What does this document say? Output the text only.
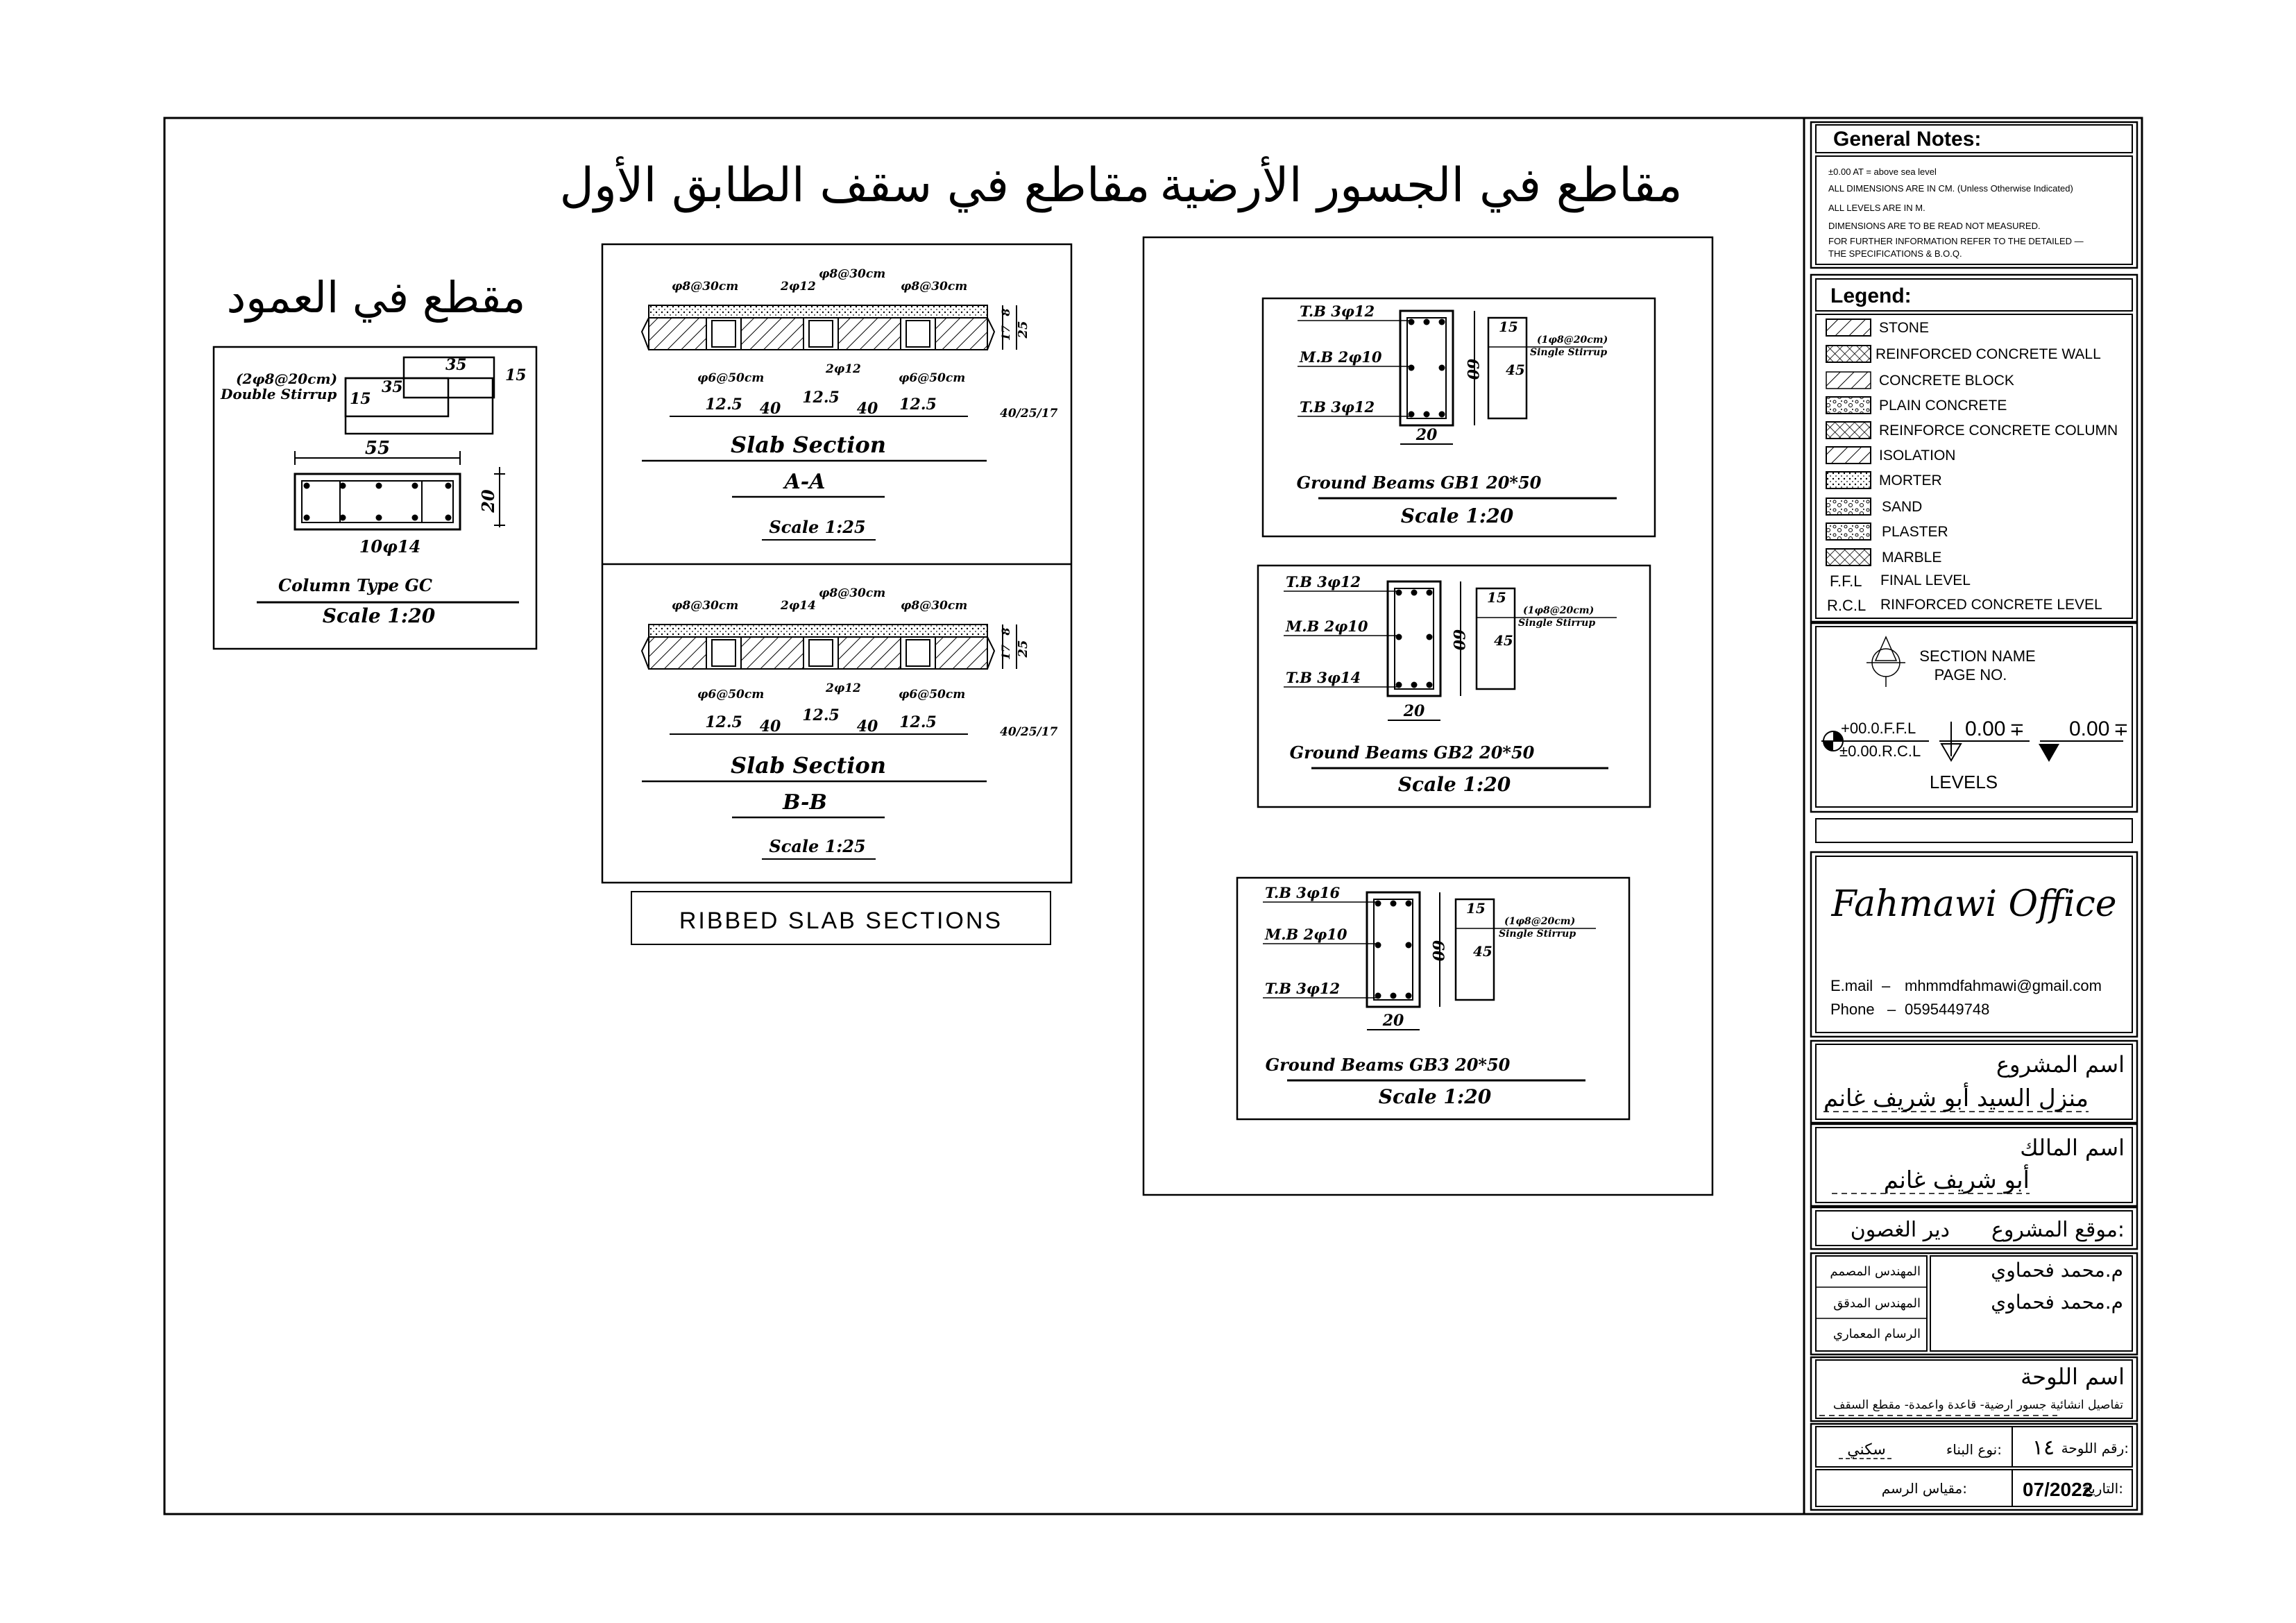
مقاطع في سقف الطابق الأول مقاطع في الجسور الأرضية
مقطع في العمود
(2φ8@20cm)
Double Stirrup
35
35
15
15
55
20
10φ14
Column Type GC
Scale 1:20
φ8@30cm
φ8@30cm
φ8@30cm
2φ12
2φ12
φ6@50cm	φ6@50cm
12.5 40
12.5
40 12.5
25
17
8
40/25/17
Slab Section
A-A
Scale 1:25
φ8@30cm
φ8@30cm
φ8@30cm
2φ14
2φ12
φ6@50cm	φ6@50cm
12.5 40
12.5
40 12.5
25
17
8
40/25/17
Slab Section
B-B
Scale 1:25
RIBBED SLAB SECTIONS
T.B 3φ12
M.B 2φ10
T.B 3φ12
60
20
15
45
(1φ8@20cm)
Single Stirrup
Ground Beams GB1 20*50
Scale 1:20
T.B 3φ12
M.B 2φ10
T.B 3φ14
60
20
15
45
(1φ8@20cm)
Single Stirrup
Ground Beams GB2 20*50
Scale 1:20
T.B 3φ16
M.B 2φ10
T.B 3φ12
60
20
15
45
(1φ8@20cm)
Single Stirrup
Ground Beams GB3 20*50
Scale 1:20
General Notes:
±0.00 AT = above sea level
ALL DIMENSIONS ARE IN CM. (Unless Otherwise Indicated)
ALL LEVELS ARE IN M.
DIMENSIONS ARE TO BE READ NOT MEASURED.
FOR FURTHER INFORMATION REFER TO THE DETAILED —
THE SPECIFICATIONS & B.O.Q.
Legend:
STONE
REINFORCED CONCRETE WALL
CONCRETE BLOCK
PLAIN CONCRETE
REINFORCE CONCRETE COLUMN
ISOLATION
MORTER
SAND
PLASTER
MARBLE
F.F.L FINAL LEVEL
R.C.L RINFORCED CONCRETE LEVEL
SECTION NAME
PAGE NO.
+00.0.F.F.L
±0.00.R.C.L
0.00 ∓ 0.00 ∓
LEVELS
Fahmawi Office
E.mail – mhmmdfahmawi@gmail.com
Phone – 0595449748
اسم المشروع
منزل السيد أبو شريف غانم
اسم المالك
أبو شريف غانم
موقع المشروع:
دير الغصون
المهندس المصمم
المهندس المدقق
الرسام المعماري
م.محمد فحماوي
م.محمد فحماوي
اسم اللوحة
تفاصيل انشائية جسور ارضية- قاعدة واعمدة- مقطع السقف
رقم اللوحة:
١٤
نوع البناء:
سكني
التاريخ:
07/2022
مقياس الرسم:
